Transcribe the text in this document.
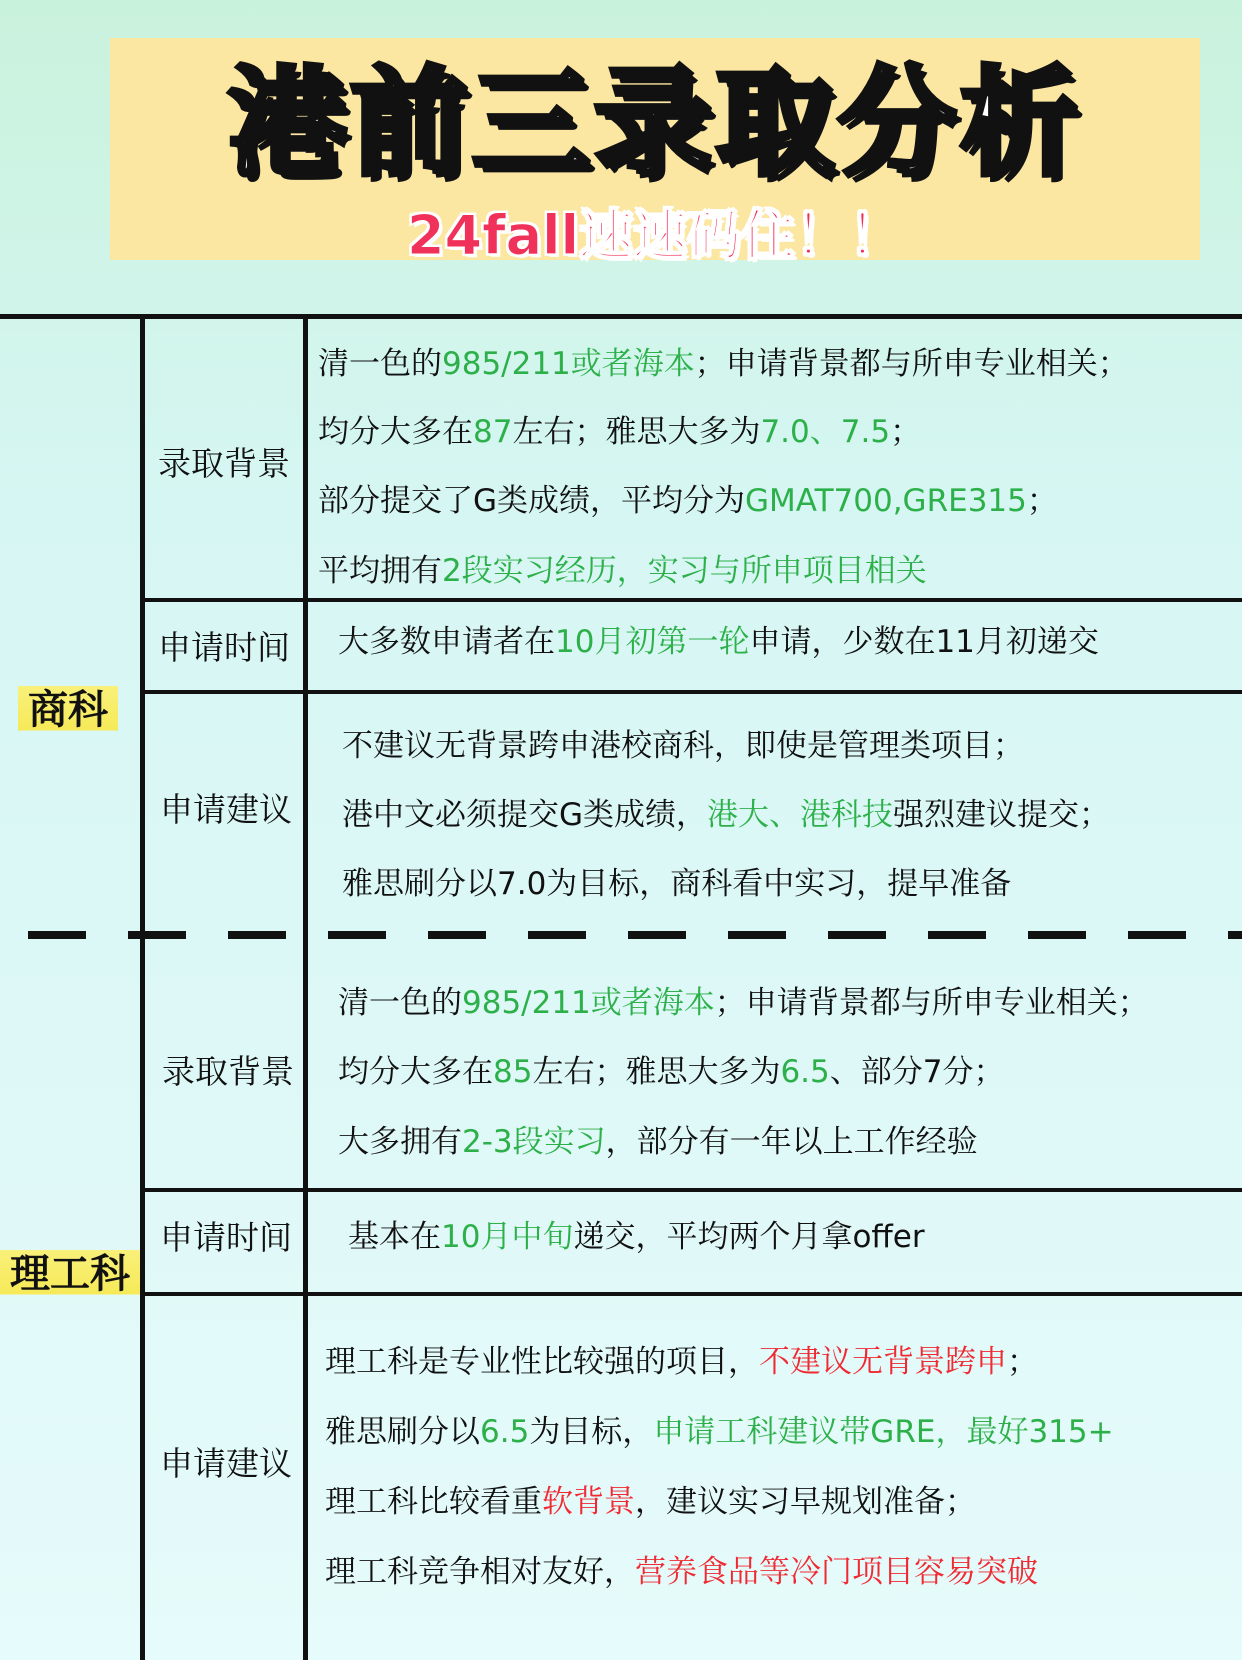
港前三录取分析
24fall速速码住！！
商科
录取背景
清一色的985/211或者海本；申请背景都与所申专业相关；
均分大多在87左右；雅思大多为7.0、7.5；
部分提交了G类成绩，平均分为GMAT700,GRE315；
平均拥有2段实习经历，实习与所申项目相关
申请时间 大多数申请者在10月初第一轮申请，少数在11月初递交
申请建议
不建议无背景跨申港校商科，即使是管理类项目；
港中文必须提交G类成绩，港大、港科技强烈建议提交；
雅思刷分以7.0为目标，商科看中实习，提早准备
理工科
录取背景
清一色的985/211或者海本；申请背景都与所申专业相关；
均分大多在85左右；雅思大多为6.5、部分7分；
大多拥有2-3段实习，部分有一年以上工作经验
申请时间 基本在10月中旬递交，平均两个月拿offer
申请建议
理工科是专业性比较强的项目，不建议无背景跨申；
雅思刷分以6.5为目标，申请工科建议带GRE，最好315+
理工科比较看重软背景，建议实习早规划准备；
理工科竞争相对友好，营养食品等冷门项目容易突破
